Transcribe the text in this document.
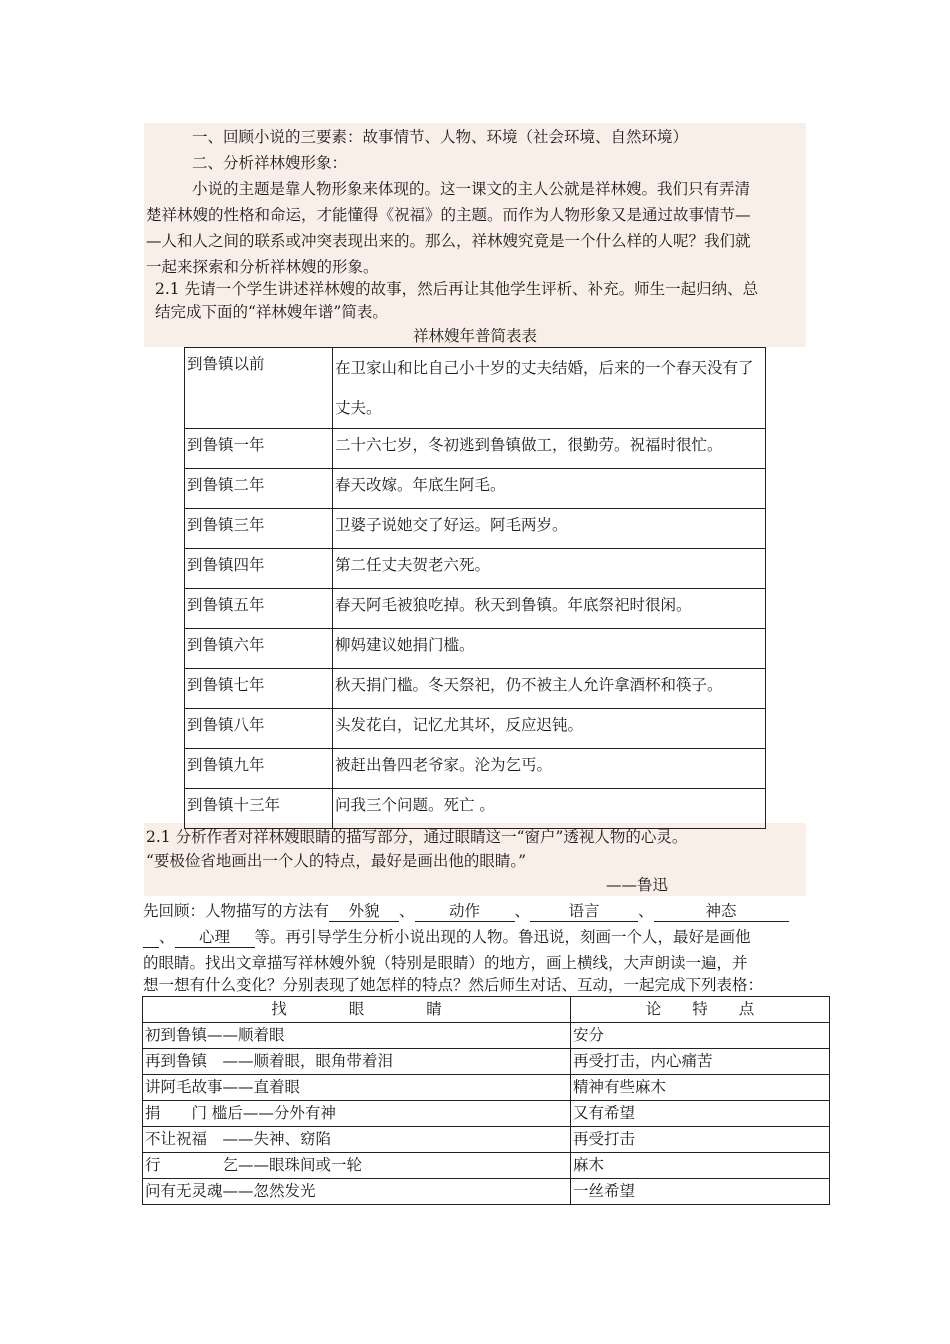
一、回顾小说的三要素：故事情节、人物、环境（社会环境、自然环境）
二、分析祥林嫂形象：
小说的主题是靠人物形象来体现的。这一课文的主人公就是祥林嫂。我们只有弄清
楚祥林嫂的性格和命运，才能懂得《祝福》的主题。而作为人物形象又是通过故事情节—
—人和人之间的联系或冲突表现出来的。那么，祥林嫂究竟是一个什么样的人呢？我们就
一起来探索和分析祥林嫂的形象。
2.1 先请一个学生讲述祥林嫂的故事，然后再让其他学生评析、补充。师生一起归纳、总
结完成下面的“祥林嫂年谱”简表。
祥林嫂年普简表表
到鲁镇以前	在卫家山和比自己小十岁的丈夫结婚，后来的一个春天没有了丈夫。
到鲁镇一年	二十六七岁，冬初逃到鲁镇做工，很勤劳。祝福时很忙。
到鲁镇二年	春天改嫁。年底生阿毛。
到鲁镇三年	卫婆子说她交了好运。阿毛两岁。
到鲁镇四年	第二任丈夫贺老六死。
到鲁镇五年	春天阿毛被狼吃掉。秋天到鲁镇。年底祭祀时很闲。
到鲁镇六年	柳妈建议她捐门槛。
到鲁镇七年	秋天捐门槛。冬天祭祀，仍不被主人允许拿酒杯和筷子。
到鲁镇八年	头发花白，记忆尤其坏，反应迟钝。
到鲁镇九年	被赶出鲁四老爷家。沦为乞丐。
到鲁镇十三年	问我三个问题。死亡 。
2.1 分析作者对祥林嫂眼睛的描写部分，通过眼睛这一“窗户”透视人物的心灵。
“要极俭省地画出一个人的特点，最好是画出他的眼睛。”
——鲁迅
先回顾：人物描写的方法有 外貌 、 动作 、 语言 、	神态
、 心理 等。再引导学生分析小说出现的人物。鲁迅说，刻画一个人，最好是画他
的眼睛。找出文章描写祥林嫂外貌（特别是眼睛）的地方，画上横线，大声朗读一遍，并
想一想有什么变化？分别表现了她怎样的特点？然后师生对话、互动，一起完成下列表格：
找　　　　眼　　　　睛	论　　特　　点
初到鲁镇——顺着眼	安分
再到鲁镇　——顺着眼，眼角带着泪	再受打击，内心痛苦
讲阿毛故事——直着眼	精神有些麻木
捐　　门 槛后——分外有神	又有希望
不让祝福　——失神、窈陷	再受打击
行　　　　乞——眼珠间或一轮	麻木
问有无灵魂——忽然发光	一丝希望
